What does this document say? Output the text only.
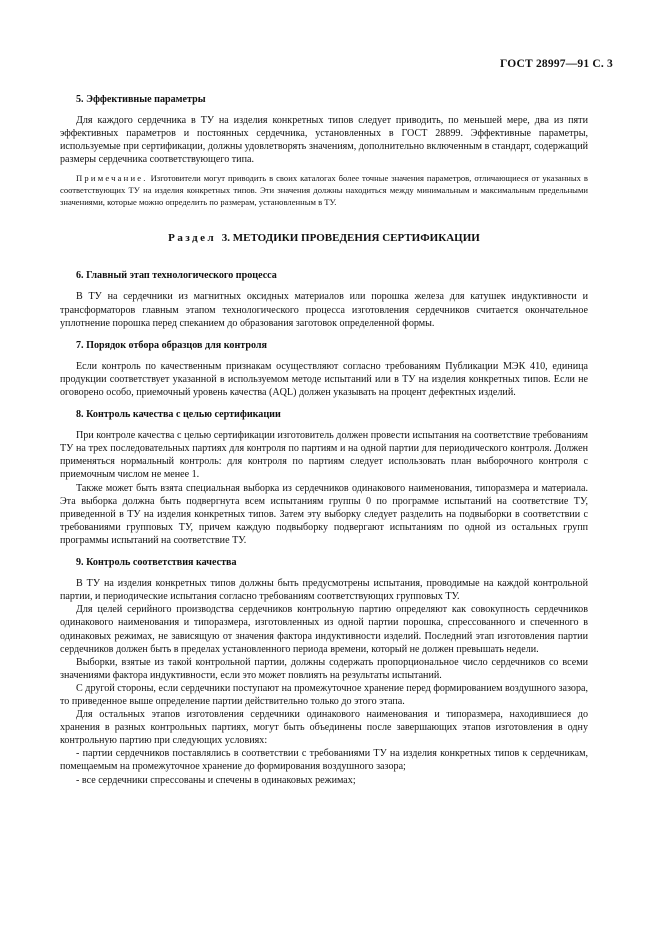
ГОСТ 28997—91 С. 3
5. Эффективные параметры

Для каждого сердечника в ТУ на изделия конкретных типов следует приводить, по меньшей мере, два из пяти эффективных параметров и постоянных сердечника, установленных в ГОСТ 28899. Эффективные параметры, используемые при сертификации, должны удовлетворять значениям, дополнительно включенным в стандарт, содержащий размеры сердечника соответствующего типа.

Примечание. Изготовители могут приводить в своих каталогах более точные значения параметров, отличающиеся от указанных в соответствующих ТУ на изделия конкретных типов. Эти значения должны находиться между минимальным и максимальным предельными значениями, которые можно определить по размерам, установленным в ТУ.

Раздел 3. МЕТОДИКИ ПРОВЕДЕНИЯ СЕРТИФИКАЦИИ
6. Главный этап технологического процесса

В ТУ на сердечники из магнитных оксидных материалов или порошка железа для катушек индуктивности и трансформаторов главным этапом технологического процесса изготовления сердечников считается окончательное уплотнение порошка перед спеканием до образования заготовок определенной формы.

7. Порядок отбора образцов для контроля

Если контроль по качественным признакам осуществляют согласно требованиям Публикации МЭК 410, единица продукции соответствует указанной в используемом методе испытаний или в ТУ на изделия конкретных типов. Если не оговорено особо, приемочный уровень качества (AQL) должен указывать на процент дефектных изделий.

8. Контроль качества с целью сертификации

При контроле качества с целью сертификации изготовитель должен провести испытания на соответствие требованиям ТУ на трех последовательных партиях для контроля по партиям и на одной партии для периодического контроля. Должен применяться нормальный контроль: для контроля по партиям следует использовать план выборочного контроля с приемочным числом не менее 1.

Также может быть взята специальная выборка из сердечников одинакового наименования, типоразмера и материала. Эта выборка должна быть подвергнута всем испытаниям группы 0 по программе испытаний на соответствие ТУ, приведенной в ТУ на изделия конкретных типов. Затем эту выборку следует разделить на подвыборки в соответствии с требованиями групповых ТУ, причем каждую подвыборку подвергают испытаниям по одной из остальных групп программы испытаний на соответствие ТУ.

9. Контроль соответствия качества

В ТУ на изделия конкретных типов должны быть предусмотрены испытания, проводимые на каждой контрольной партии, и периодические испытания согласно требованиям соответствующих групповых ТУ.

Для целей серийного производства сердечников контрольную партию определяют как совокупность сердечников одинакового наименования и типоразмера, изготовленных из одной партии порошка, спрессованного и спеченного в одинаковых режимах, не зависящую от значения фактора индуктивности изделий. Последний этап изготовления партии сердечников должен быть в пределах установленного периода времени, который не должен превышать недели.

Выборки, взятые из такой контрольной партии, должны содержать пропорциональное число сердечников со всеми значениями фактора индуктивности, если это может повлиять на результаты испытаний.

С другой стороны, если сердечники поступают на промежуточное хранение перед формированием воздушного зазора, то приведенное выше определение партии действительно только до этого этапа.

Для остальных этапов изготовления сердечники одинакового наименования и типоразмера, находившиеся до хранения в разных контрольных партиях, могут быть объединены после завершающих этапов изготовления в одну контрольную партию при следующих условиях:

- партии сердечников поставлялись в соответствии с требованиями ТУ на изделия конкретных типов к сердечникам, помещаемым на промежуточное хранение до формирования воздушного зазора;

- все сердечники спрессованы и спечены в одинаковых режимах;
